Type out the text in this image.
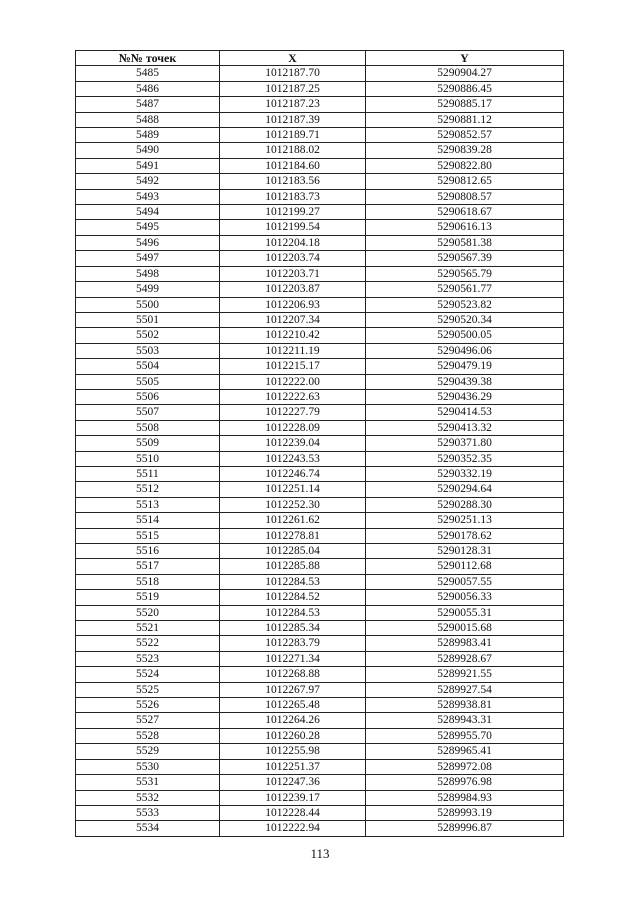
№№ точек	X	Y
5485	1012187.70	5290904.27
5486	1012187.25	5290886.45
5487	1012187.23	5290885.17
5488	1012187.39	5290881.12
5489	1012189.71	5290852.57
5490	1012188.02	5290839.28
5491	1012184.60	5290822.80
5492	1012183.56	5290812.65
5493	1012183.73	5290808.57
5494	1012199.27	5290618.67
5495	1012199.54	5290616.13
5496	1012204.18	5290581.38
5497	1012203.74	5290567.39
5498	1012203.71	5290565.79
5499	1012203.87	5290561.77
5500	1012206.93	5290523.82
5501	1012207.34	5290520.34
5502	1012210.42	5290500.05
5503	1012211.19	5290496.06
5504	1012215.17	5290479.19
5505	1012222.00	5290439.38
5506	1012222.63	5290436.29
5507	1012227.79	5290414.53
5508	1012228.09	5290413.32
5509	1012239.04	5290371.80
5510	1012243.53	5290352.35
5511	1012246.74	5290332.19
5512	1012251.14	5290294.64
5513	1012252.30	5290288.30
5514	1012261.62	5290251.13
5515	1012278.81	5290178.62
5516	1012285.04	5290128.31
5517	1012285.88	5290112.68
5518	1012284.53	5290057.55
5519	1012284.52	5290056.33
5520	1012284.53	5290055.31
5521	1012285.34	5290015.68
5522	1012283.79	5289983.41
5523	1012271.34	5289928.67
5524	1012268.88	5289921.55
5525	1012267.97	5289927.54
5526	1012265.48	5289938.81
5527	1012264.26	5289943.31
5528	1012260.28	5289955.70
5529	1012255.98	5289965.41
5530	1012251.37	5289972.08
5531	1012247.36	5289976.98
5532	1012239.17	5289984.93
5533	1012228.44	5289993.19
5534	1012222.94	5289996.87
113
